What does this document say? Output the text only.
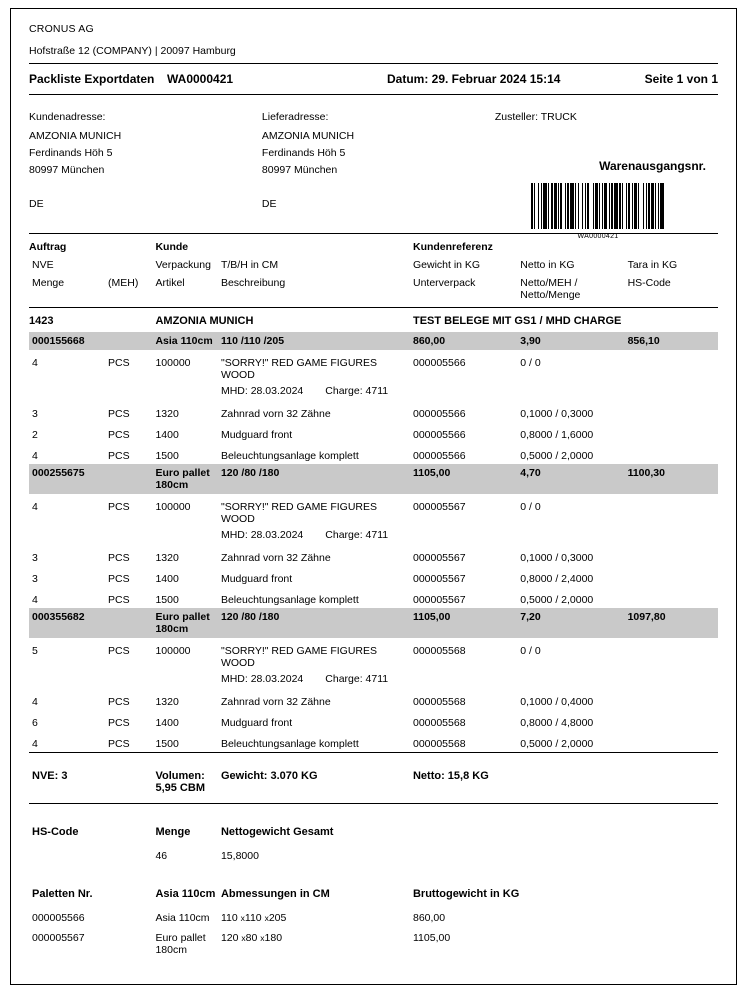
CRONUS AG
Hofstraße 12 (COMPANY) | 20097 Hamburg
Packliste Exportdaten	WA0000421	Datum: 29. Februar 2024 15:14	Seite 1 von 1
Kundenadresse:
AMZONIA MUNICH
Ferdinands Höh 5
80997 München
DE
Lieferadresse:
AMZONIA MUNICH
Ferdinands Höh 5
80997 München
DE
Zusteller: TRUCK
Warenausgangsnr.
WA0000421
Auftrag		Kunde		Kundenreferenz		
NVE		Verpackung	T/B/H in CM	Gewicht in KG	Netto in KG	Tara in KG
Menge	(MEH)	Artikel	Beschreibung	Unterverpack	Netto/MEH / Netto/Menge	HS-Code

1423		AMZONIA MUNICH		TEST BELEGE MIT GS1 / MHD CHARGE		
000155668		Asia 110cm	110 /110 /205	860,00	3,90	856,10
4	PCS	100000	"SORRY!" RED GAME FIGURES WOOD	000005566	0 / 0	
			MHD: 28.03.2024 Charge: 4711			
3	PCS	1320	Zahnrad vorn 32 Zähne	000005566	0,1000 / 0,3000	
2	PCS	1400	Mudguard front	000005566	0,8000 / 1,6000	
4	PCS	1500	Beleuchtungsanlage komplett	000005566	0,5000 / 2,0000	
000255675		Euro pallet 180cm	120 /80 /180	1105,00	4,70	1100,30
4	PCS	100000	"SORRY!" RED GAME FIGURES WOOD	000005567	0 / 0	
			MHD: 28.03.2024 Charge: 4711			
3	PCS	1320	Zahnrad vorn 32 Zähne	000005567	0,1000 / 0,3000	
3	PCS	1400	Mudguard front	000005567	0,8000 / 2,4000	
4	PCS	1500	Beleuchtungsanlage komplett	000005567	0,5000 / 2,0000	
000355682		Euro pallet 180cm	120 /80 /180	1105,00	7,20	1097,80
5	PCS	100000	"SORRY!" RED GAME FIGURES WOOD	000005568	0 / 0	
			MHD: 28.03.2024 Charge: 4711			
4	PCS	1320	Zahnrad vorn 32 Zähne	000005568	0,1000 / 0,4000	
6	PCS	1400	Mudguard front	000005568	0,8000 / 4,8000	
4	PCS	1500	Beleuchtungsanlage komplett	000005568	0,5000 / 2,0000	

NVE: 3		Volumen: 5,95 CBM	Gewicht: 3.070 KG	Netto: 15,8 KG		

HS-Code		Menge	Nettogewicht Gesamt			
		46	15,8000			
Paletten Nr.		Asia 110cm	Abmessungen in CM	Bruttogewicht in KG		
000005566		Asia 110cm	110 x110 x205	860,00		
000005567		Euro pallet 180cm	120 x80 x180	1105,00		
